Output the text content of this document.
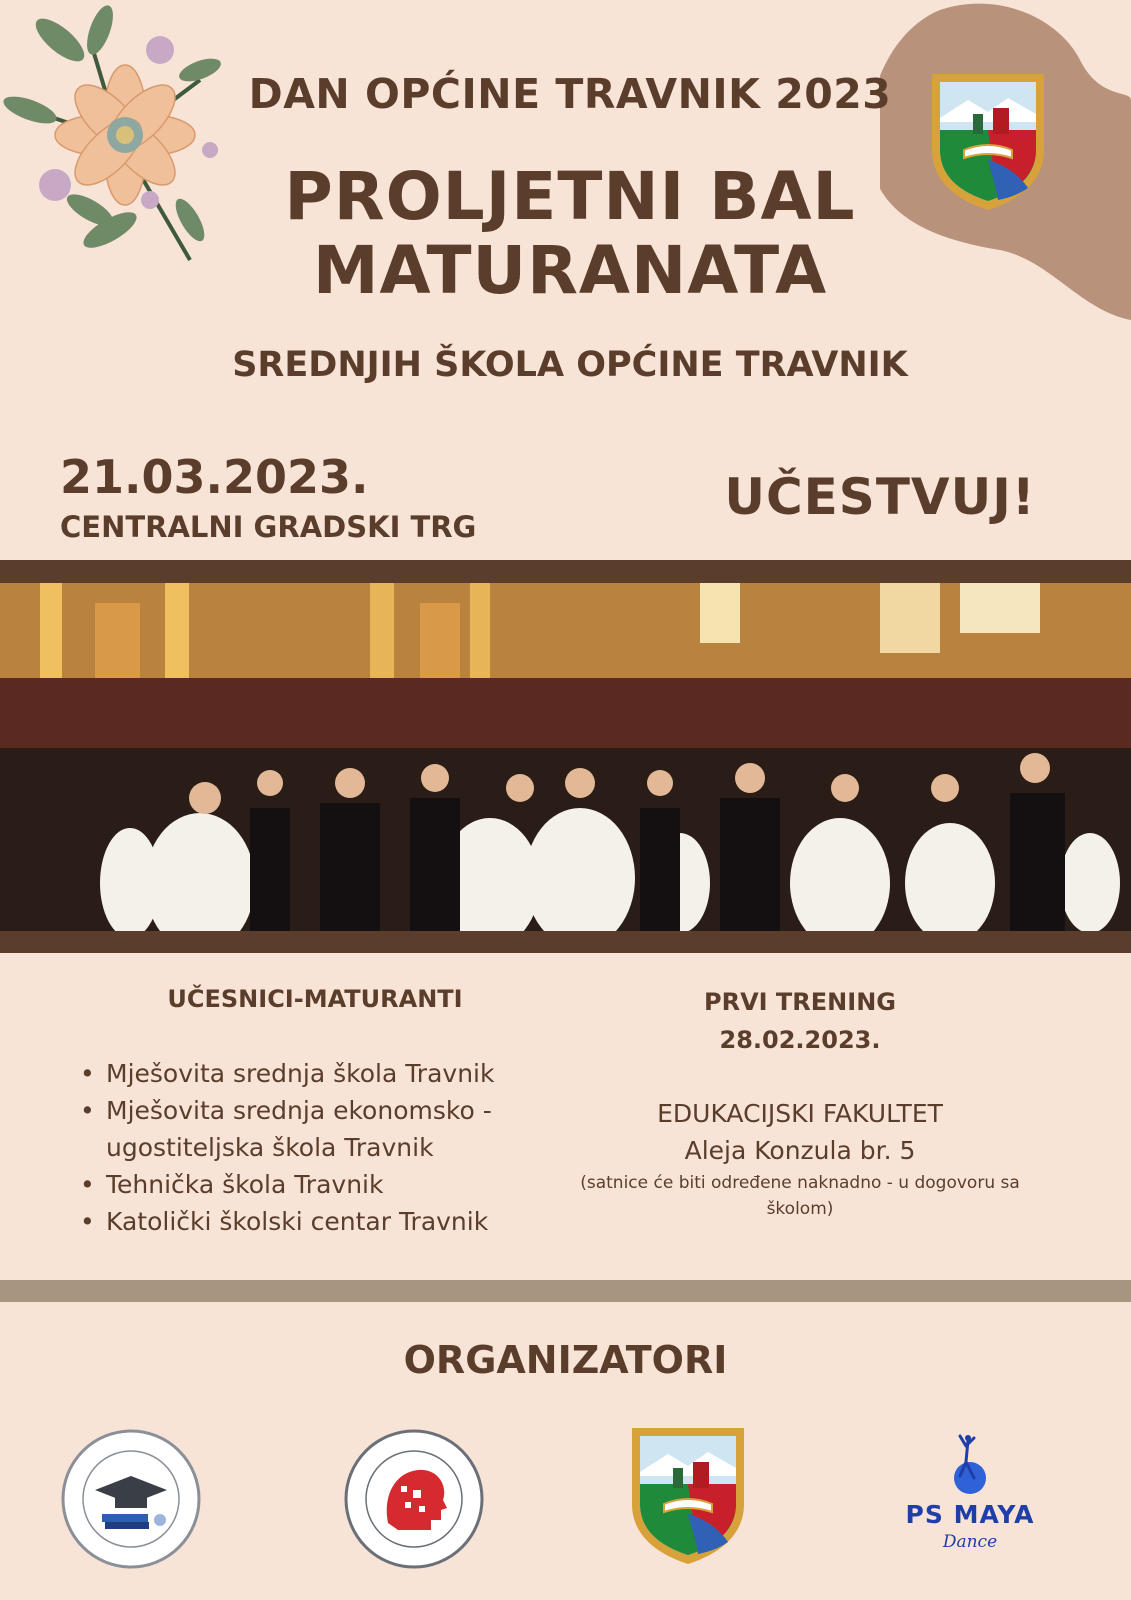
DAN OPĆINE TRAVNIK 2023
PROLJETNI BAL
MATURANATA
SREDNJIH ŠKOLA OPĆINE TRAVNIK
21.03.2023.
CENTRALNI GRADSKI TRG
UČESTVUJ!
UČESNICI-MATURANTI
• Mješovita srednja škola Travnik
• Mješovita srednja ekonomsko - ugostiteljska škola Travnik
• Tehnička škola Travnik
• Katolički školski centar Travnik
PRVI TRENING
28.02.2023.
EDUKACIJSKI FAKULTET
Aleja Konzula br. 5
(satnice će biti određene naknadno - u dogovoru sa školom)
ORGANIZATORI
PS MAYA
Dance
